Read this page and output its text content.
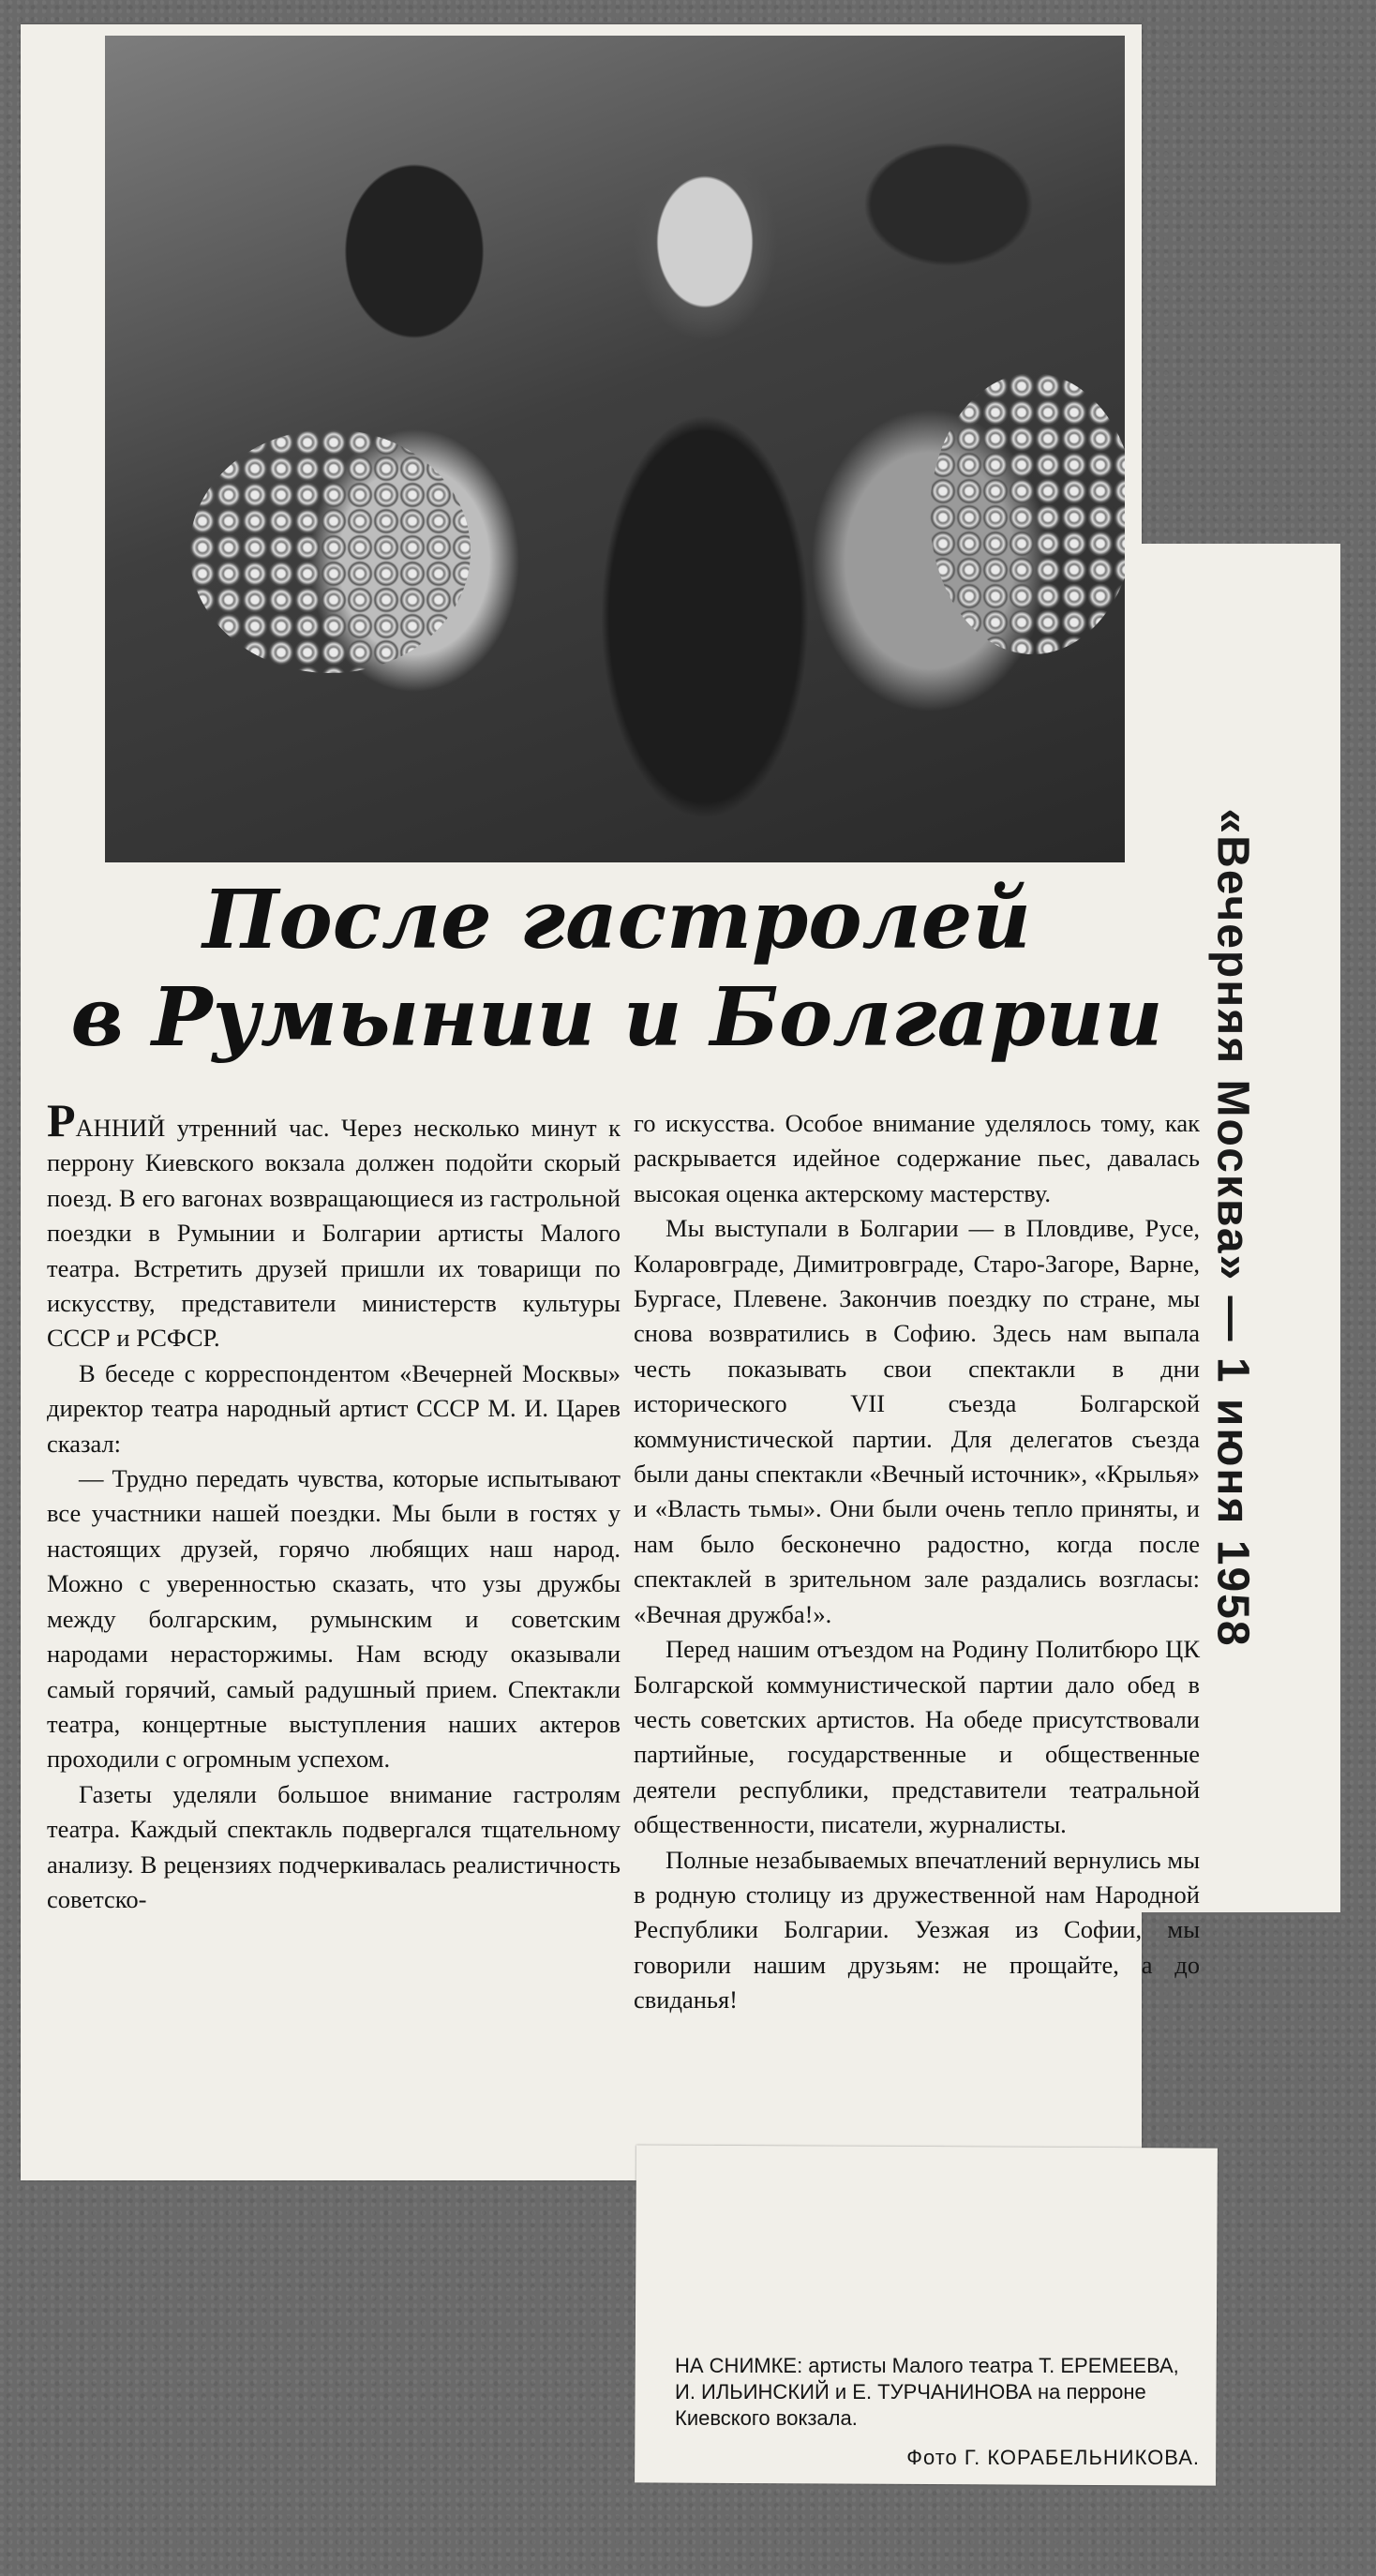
«Вечерняя Москва» — 1 июня 1958
После гастролей
в Румынии и Болгарии

РАННИЙ утренний час. Через несколько минут к перрону Киевского вокзала должен подойти скорый поезд. В его вагонах возвращающиеся из гастрольной поездки в Румынии и Болгарии артисты Малого театра. Встретить друзей пришли их товарищи по искусству, представители министерств культуры СССР и РСФСР.

В беседе с корреспондентом «Вечерней Москвы» директор театра народный артист СССР М. И. Царев сказал:

— Трудно передать чувства, которые испытывают все участники нашей поездки. Мы были в гостях у настоящих друзей, горячо любящих наш народ. Можно с уверенностью сказать, что узы дружбы между болгарским, румынским и советским народами нерасторжимы. Нам всюду оказывали самый горячий, самый радушный прием. Спектакли театра, концертные выступления наших актеров проходили с огромным успехом.

Газеты уделяли большое внимание гастролям театра. Каждый спектакль подвергался тщательному анализу. В рецензиях подчеркивалась реалистичность советско-

го искусства. Особое внимание уделялось тому, как раскрывается идейное содержание пьес, давалась высокая оценка актерскому мастерству.

Мы выступали в Болгарии — в Пловдиве, Русе, Коларовграде, Димитровграде, Старо-Загоре, Варне, Бургасе, Плевене. Закончив поездку по стране, мы снова возвратились в Софию. Здесь нам выпала честь показывать свои спектакли в дни исторического VII съезда Болгарской коммунистической партии. Для делегатов съезда были даны спектакли «Вечный источник», «Крылья» и «Власть тьмы». Они были очень тепло приняты, и нам было бесконечно радостно, когда после спектаклей в зрительном зале раздались возгласы: «Вечная дружба!».

Перед нашим отъездом на Родину Политбюро ЦК Болгарской коммунистической партии дало обед в честь советских артистов. На обеде присутствовали партийные, государственные и общественные деятели республики, представители театральной общественности, писатели, журналисты.

Полные незабываемых впечатлений вернулись мы в родную столицу из дружественной нам Народной Республики Болгарии. Уезжая из Софии, мы говорили нашим друзьям: не прощайте, а до свиданья!

НА СНИМКЕ: артисты Малого театра Т. ЕРЕМЕЕВА, И. ИЛЬИНСКИЙ и Е. ТУРЧАНИНОВА на перроне Киевского вокзала.
Фото Г. КОРАБЕЛЬНИКОВА.
